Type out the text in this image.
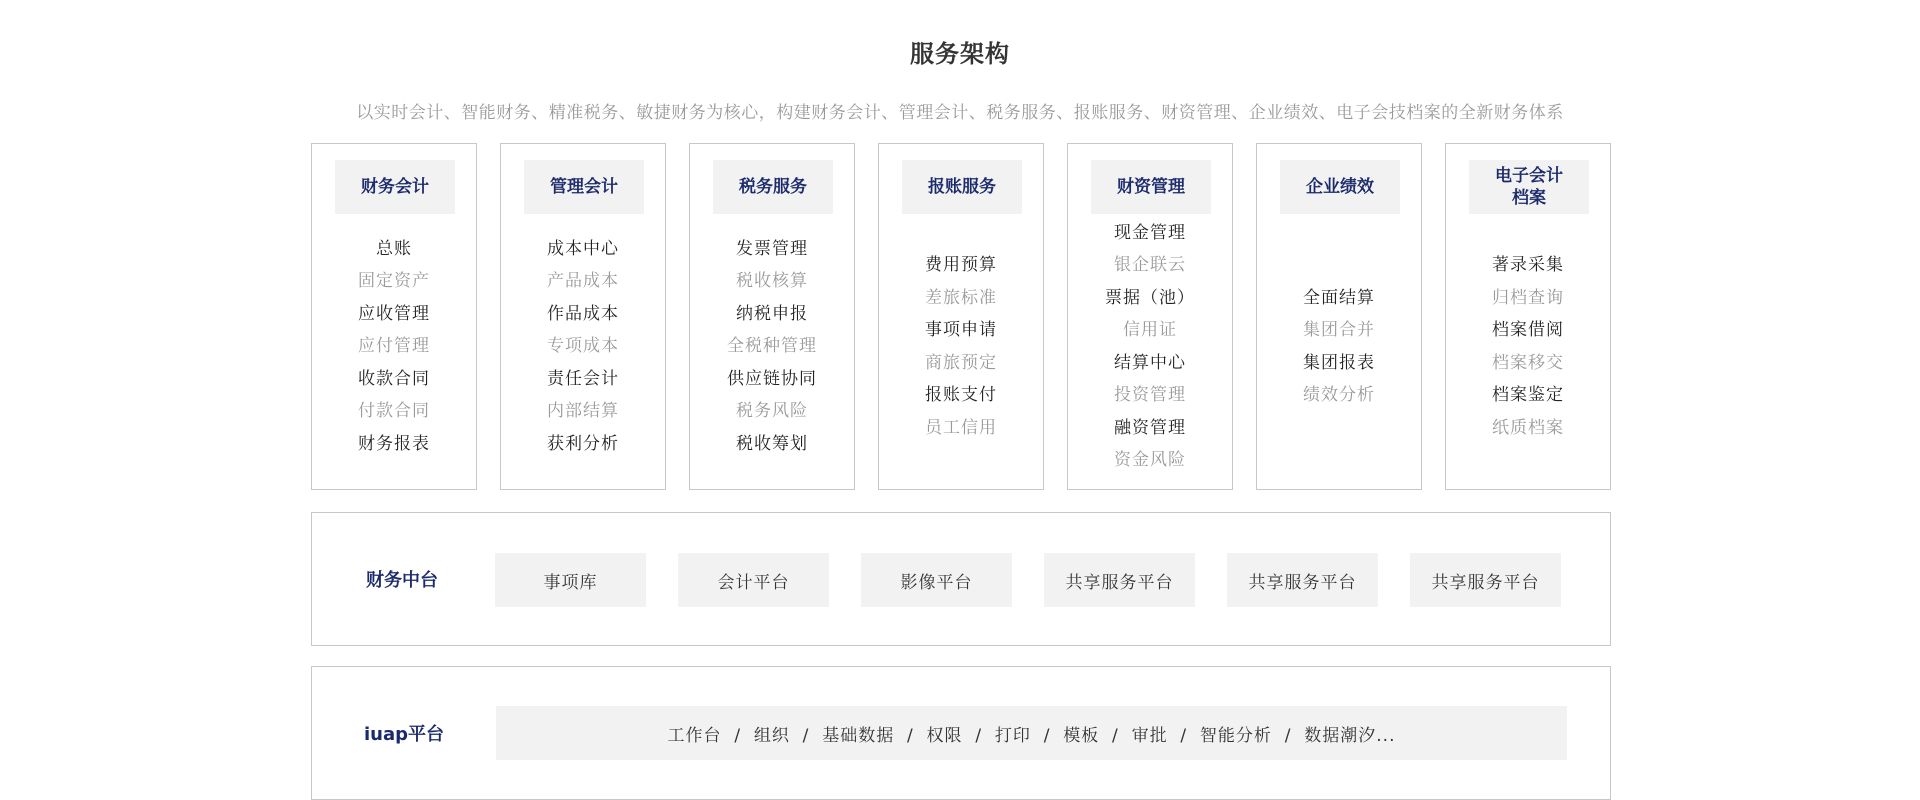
服务架构
以实时会计、智能财务、精准税务、敏捷财务为核心，构建财务会计、管理会计、税务服务、报账服务、财资管理、企业绩效、电子会技档案的全新财务体系
财务会计
总账
固定资产
应收管理
应付管理
收款合同
付款合同
财务报表
管理会计
成本中心
产品成本
作品成本
专项成本
责任会计
内部结算
获利分析
税务服务
发票管理
税收核算
纳税申报
全税种管理
供应链协同
税务风险
税收筹划
报账服务
费用预算
差旅标准
事项申请
商旅预定
报账支付
员工信用
财资管理
现金管理
银企联云
票据（池）
信用证
结算中心
投资管理
融资管理
资金风险
企业绩效
全面结算
集团合并
集团报表
绩效分析
电子会计
档案
著录采集
归档查询
档案借阅
档案移交
档案鉴定
纸质档案
财务中台	事项库	会计平台	影像平台	共享服务平台	共享服务平台	共享服务平台
iuap平台	工作台  /  组织  /  基础数据  /  权限  /  打印  /  模板  /  审批  /  智能分析  /  数据潮汐...
